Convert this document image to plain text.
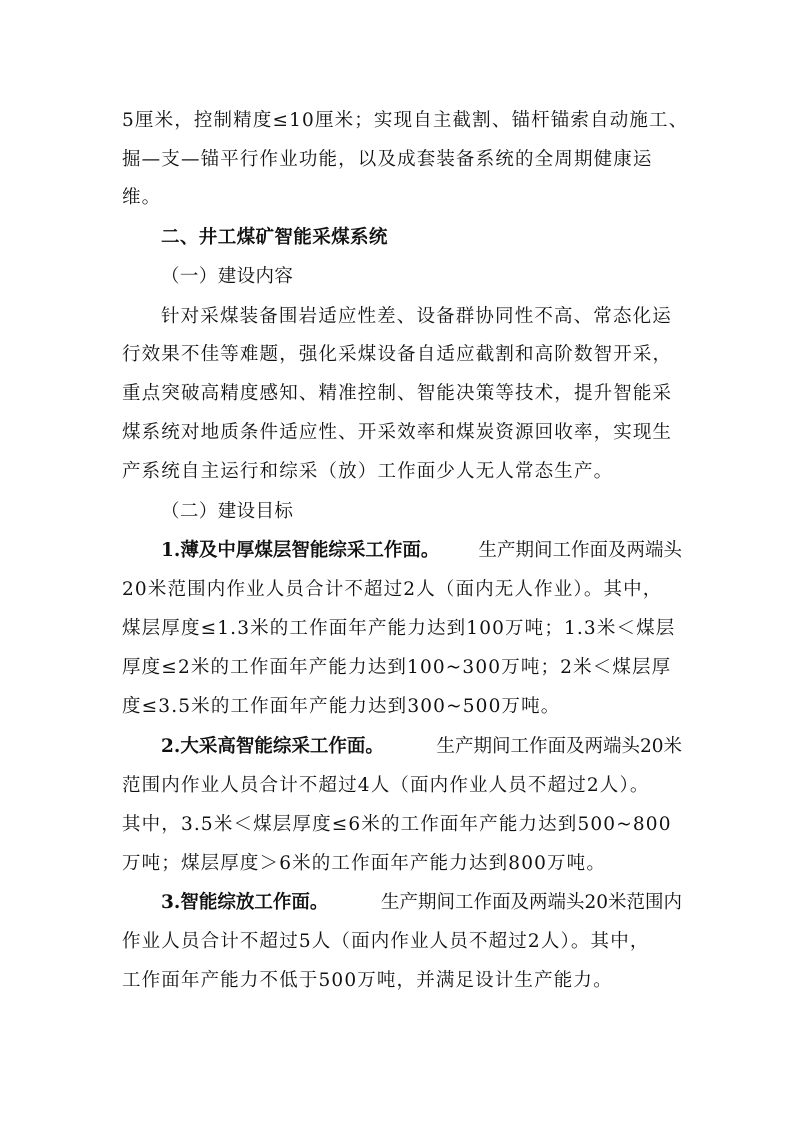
5厘米，控制精度≤10厘米；实现自主截割、锚杆锚索自动施工、
掘—支—锚平行作业功能，以及成套装备系统的全周期健康运
维。
二、井工煤矿智能采煤系统
（一）建设内容
针对采煤装备围岩适应性差、设备群协同性不高、常态化运
行效果不佳等难题，强化采煤设备自适应截割和高阶数智开采，
重点突破高精度感知、精准控制、智能决策等技术，提升智能采
煤系统对地质条件适应性、开采效率和煤炭资源回收率，实现生
产系统自主运行和综采（放）工作面少人无人常态生产。
（二）建设目标
1.薄及中厚煤层智能综采工作面。 生产期间工作面及两端头
20米范围内作业人员合计不超过2人（面内无人作业）。其中，
煤层厚度≤1.3米的工作面年产能力达到100万吨；1.3米＜煤层
厚度≤2米的工作面年产能力达到100~300万吨；2米＜煤层厚
度≤3.5米的工作面年产能力达到300~500万吨。
2.大采高智能综采工作面。	生产期间工作面及两端头20米
范围内作业人员合计不超过4人（面内作业人员不超过2人）。
其中，3.5米＜煤层厚度≤6米的工作面年产能力达到500~800
万吨；煤层厚度＞6米的工作面年产能力达到800万吨。
3.智能综放工作面。	生产期间工作面及两端头20米范围内
作业人员合计不超过5人（面内作业人员不超过2人）。其中，
工作面年产能力不低于500万吨，并满足设计生产能力。
